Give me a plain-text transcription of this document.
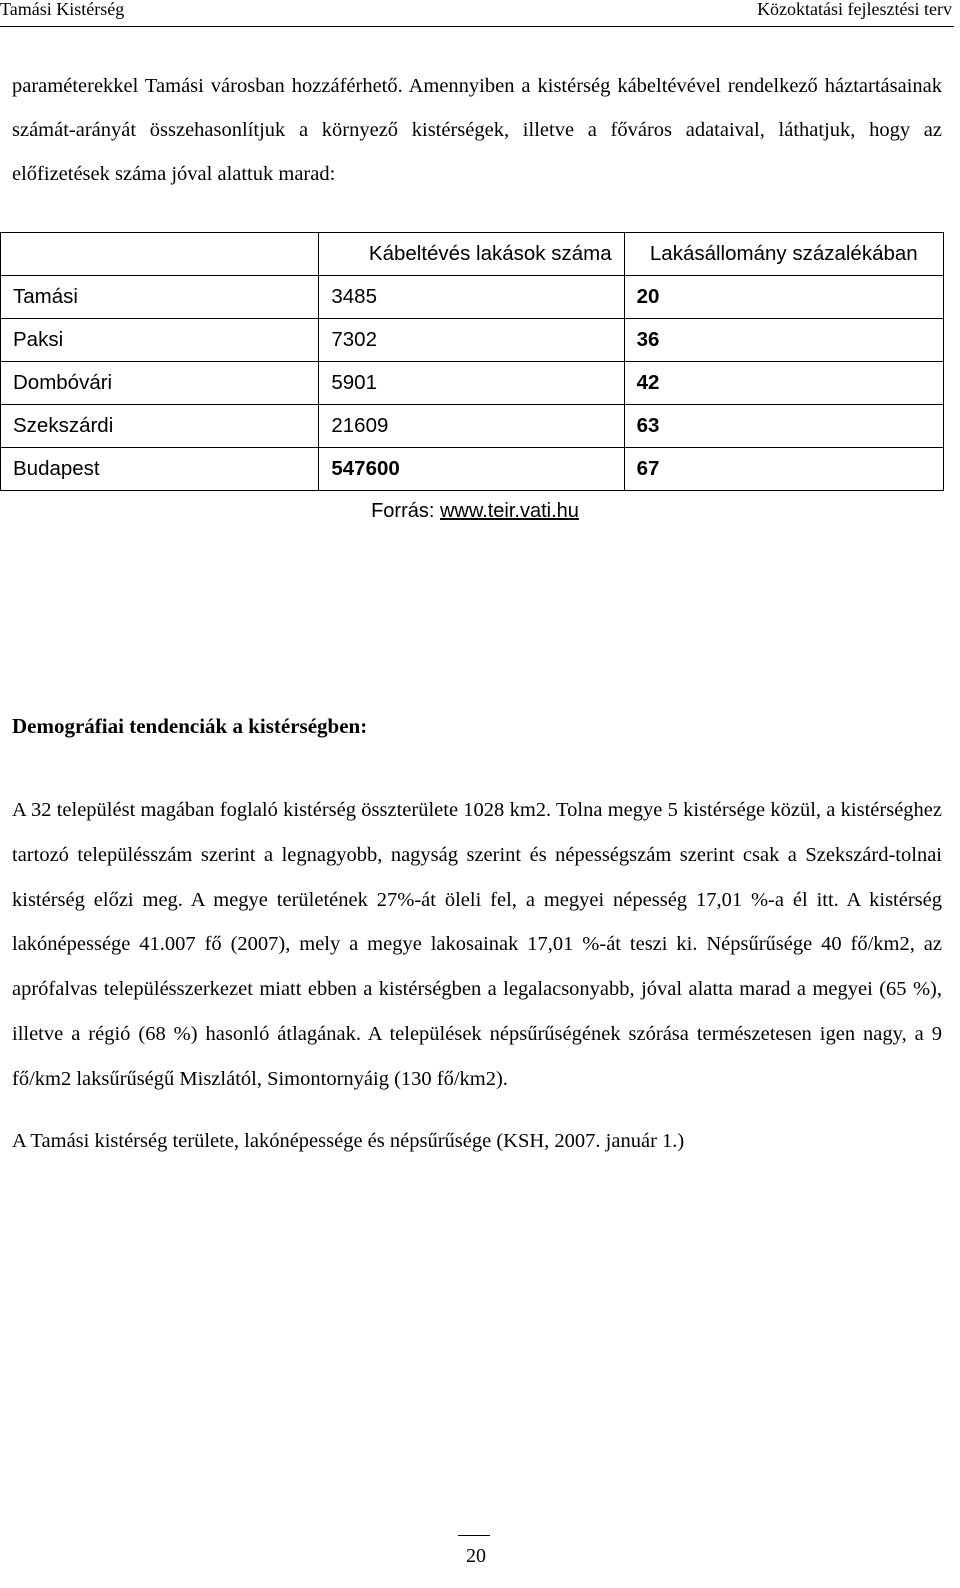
Tamási Kistérség	Közoktatási fejlesztési terv

paraméterekkel Tamási városban hozzáférhető. Amennyiben a kistérség kábeltévével rendelkező háztartásainak számát-arányát összehasonlítjuk a környező kistérségek, illetve a főváros adataival, láthatjuk, hogy az előfizetések száma jóval alattuk marad:

	Kábeltévés lakások száma	Lakásállomány százalékában
Tamási	3485	20
Paksi	7302	36
Dombóvári	5901	42
Szekszárdi	21609	63
Budapest	547600	67
Forrás: www.teir.vati.hu
Demográfiai tendenciák a kistérségben:

A 32 települést magában foglaló kistérség összterülete 1028 km2. Tolna megye 5 kistérsége közül, a kistérséghez tartozó településszám szerint a legnagyobb, nagyság szerint és népességszám szerint csak a Szekszárd-tolnai kistérség előzi meg. A megye területének 27%-át öleli fel, a megyei népesség 17,01 %-a él itt. A kistérség lakónépessége 41.007 fő (2007), mely a megye lakosainak 17,01 %-át teszi ki. Népsűrűsége 40 fő/km2, az aprófalvas településszerkezet miatt ebben a kistérségben a legalacsonyabb, jóval alatta marad a megyei (65 %), illetve a régió (68 %) hasonló átlagának. A települések népsűrűségének szórása természetesen igen nagy, a 9 fő/km2 laksűrűségű Miszlától, Simontornyáig (130 fő/km2).

A Tamási kistérség területe, lakónépessége és népsűrűsége (KSH, 2007. január 1.)
20
